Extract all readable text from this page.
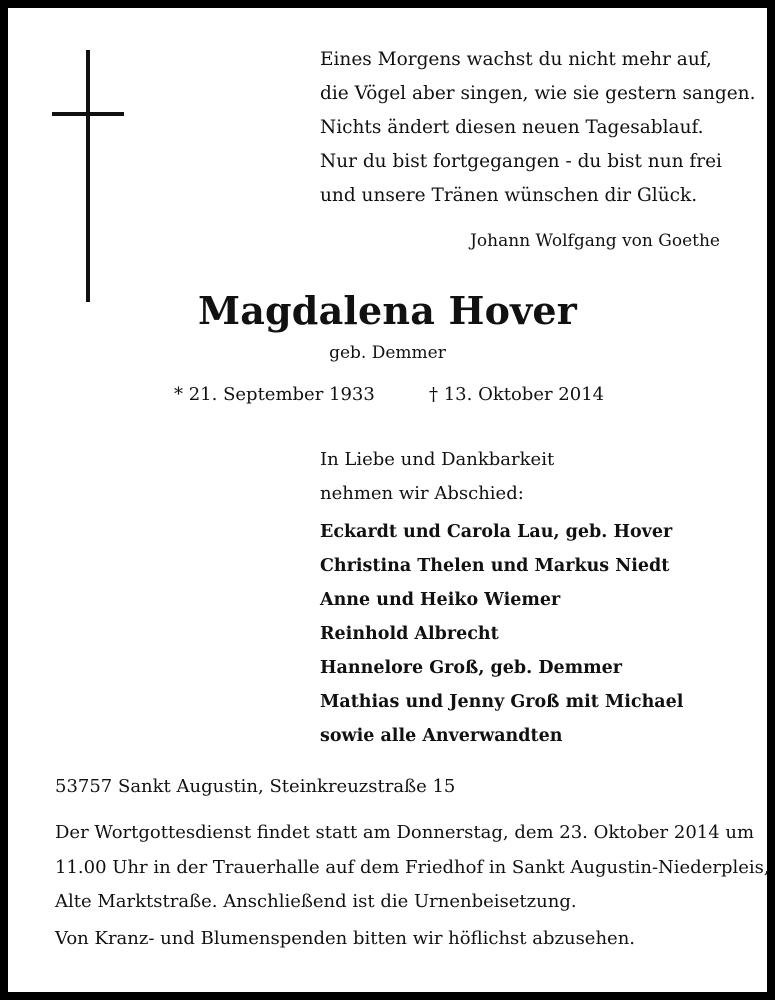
Eines Morgens wachst du nicht mehr auf,
die Vögel aber singen, wie sie gestern sangen.
Nichts ändert diesen neuen Tagesablauf.
Nur du bist fortgegangen - du bist nun frei
und unsere Tränen wünschen dir Glück.
Johann Wolfgang von Goethe
Magdalena Hover
geb. Demmer
* 21. September 1933	† 13. Oktober 2014
In Liebe und Dankbarkeit
nehmen wir Abschied:
Eckardt und Carola Lau, geb. Hover
Christina Thelen und Markus Niedt
Anne und Heiko Wiemer
Reinhold Albrecht
Hannelore Groß, geb. Demmer
Mathias und Jenny Groß mit Michael
sowie alle Anverwandten
53757 Sankt Augustin, Steinkreuzstraße 15
Der Wortgottesdienst findet statt am Donnerstag, dem 23. Oktober 2014 um
11.00 Uhr in der Trauerhalle auf dem Friedhof in Sankt Augustin-Niederpleis,
Alte Marktstraße. Anschließend ist die Urnenbeisetzung.
Von Kranz- und Blumenspenden bitten wir höflichst abzusehen.
